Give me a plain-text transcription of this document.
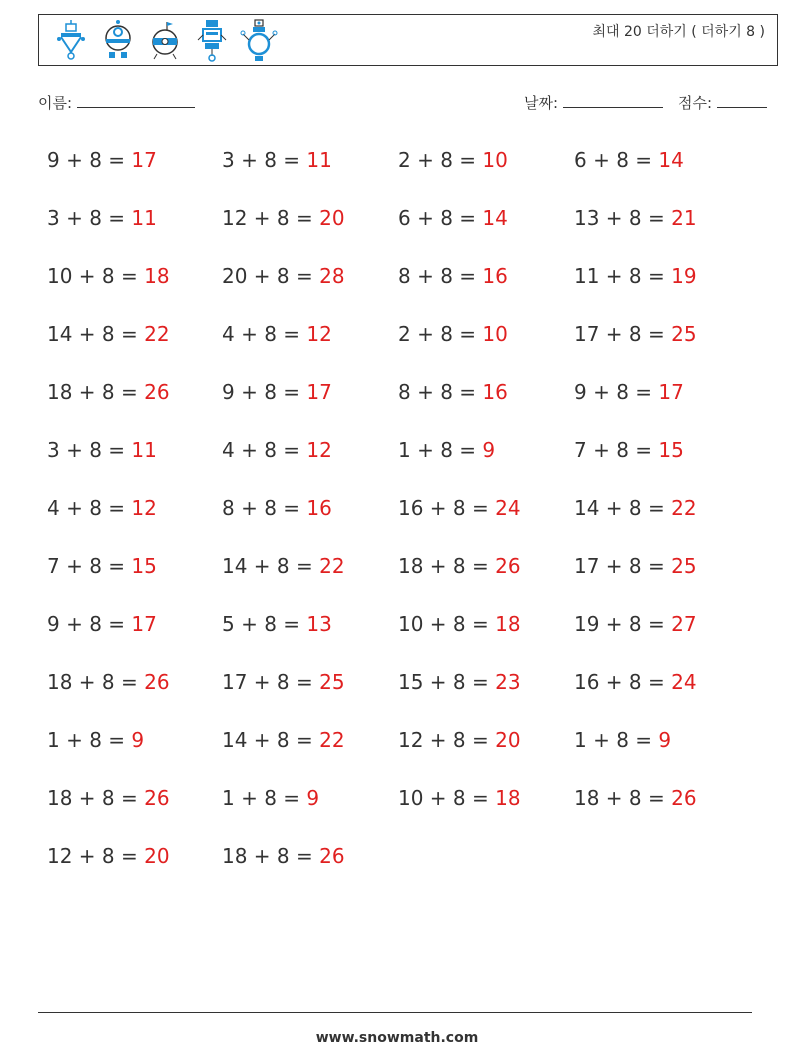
최대 20 더하기 ( 더하기 8 )
이름:	날짜:	점수:
9 + 8 = 17	3 + 8 = 11	2 + 8 = 10	6 + 8 = 14
3 + 8 = 11	12 + 8 = 20	6 + 8 = 14	13 + 8 = 21
10 + 8 = 18	20 + 8 = 28	8 + 8 = 16	11 + 8 = 19
14 + 8 = 22	4 + 8 = 12	2 + 8 = 10	17 + 8 = 25
18 + 8 = 26	9 + 8 = 17	8 + 8 = 16	9 + 8 = 17
3 + 8 = 11	4 + 8 = 12	1 + 8 = 9	7 + 8 = 15
4 + 8 = 12	8 + 8 = 16	16 + 8 = 24	14 + 8 = 22
7 + 8 = 15	14 + 8 = 22	18 + 8 = 26	17 + 8 = 25
9 + 8 = 17	5 + 8 = 13	10 + 8 = 18	19 + 8 = 27
18 + 8 = 26	17 + 8 = 25	15 + 8 = 23	16 + 8 = 24
1 + 8 = 9	14 + 8 = 22	12 + 8 = 20	1 + 8 = 9
18 + 8 = 26	1 + 8 = 9	10 + 8 = 18	18 + 8 = 26
12 + 8 = 20	18 + 8 = 26
www.snowmath.com
